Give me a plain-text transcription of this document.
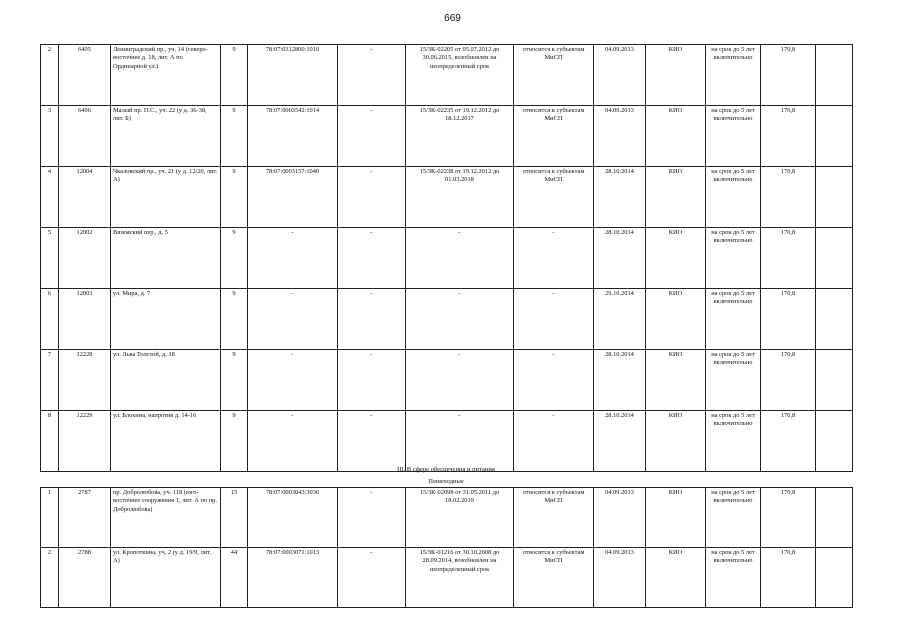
669
2	6405	Ленинградский пр., уч. 14 (северо-восточнее д. 18, лит. А по Ординарной ул.)	9	78:07:0312800:1010	-	15/ЗК-02205 от 05.07.2012 до 30.06.2015, возобновлен на неопределенный срок	относится к субъектам МиСП	04.09.2013	КИО	на срок до 5 лет включительно	170,8	
3	6406	Малый пр. П.С., уч. 22 (у д. 36-38, лит. Б)	9	78:07:0003542:1014	-	15/ЗК-02235 от 19.12.2012 до 18.12.2017	относится к субъектам МиСП	04.09.2013	КИО	на срок до 5 лет включительно	170,8	
4	12004	Чкаловский пр., уч. 21 (у д. 12/20, лит. А)	9	78:07:0003157:1040	-	15/ЗК-02238 от 19.12.2012 до 01.03.2018	относится к субъектам МиСП	28.10.2014	КИО	на срок до 5 лет включительно	170,8	
5	12002	Вяземский пер., д. 5	9	-	-	-	-	28.10.2014	КИО	на срок до 5 лет включительно	170,8	
6	12003	ул. Мира, д. 7	9	-	-	-	-	29.10.2014	КИО	на срок до 5 лет включительно	170,8	
7	12228	ул. Льва Толстой, д. 18	9	-	-	-	-	28.10.2014	КИО	на срок до 5 лет включительно	170,8	
8	12229	ул. Блохина, напротив д. 14-16	9	-	-	-	-	28.10.2014	КИО	на срок до 5 лет включительно	170,8	
III. В сфере обеспечения и питания
Пешеходные
1	2787	пр. Добролюбова, уч. 118 (юго-восточнее сооружения 1, лит. А по пр. Добролюбова)	15	78:07:0003043:3036	-	15/ЗК-02098 от 31.05.2011 до 18.02.2019	относится к субъектам МиСП	04.09.2013	КИО	на срок до 5 лет включительно	170,8	
2	2788	ул. Кропоткина, уч. 2 (у д. 19/9, лит. А)	44	78:07:0003071:1013	-	15/ЗК-01216 от 30.10.2008 до 28.09.2014, возобновлен на неопределенный срок	относится к субъектам МиСП	04.09.2013	КИО	на срок до 5 лет включительно	170,8	
